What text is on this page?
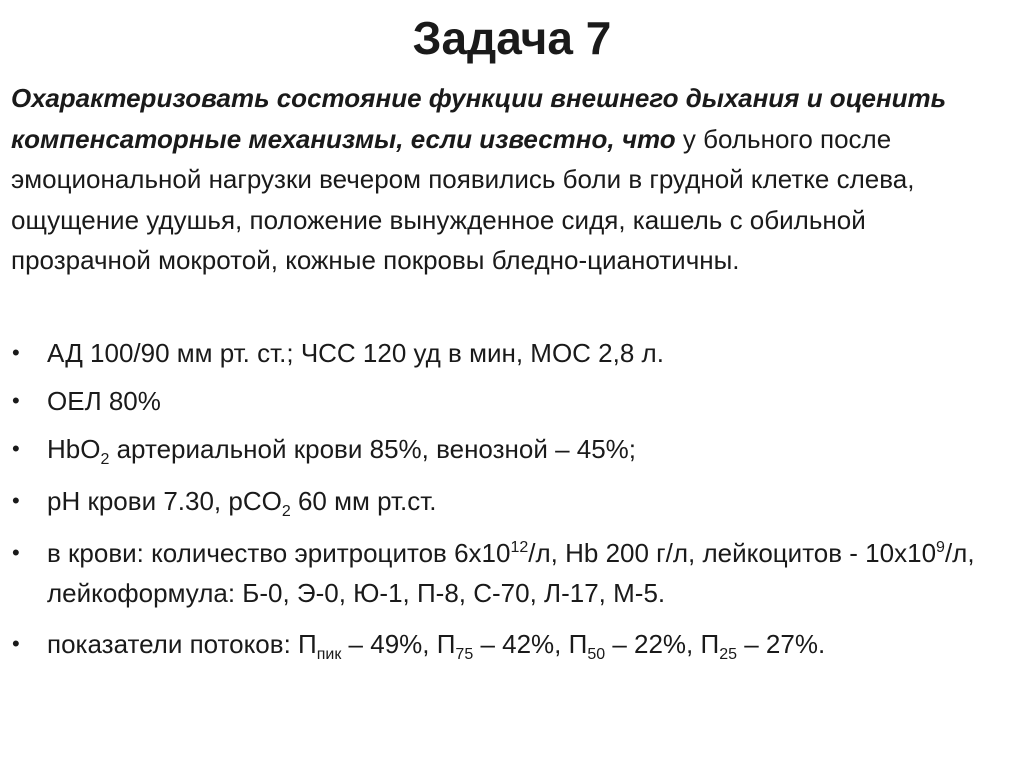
Задача 7
Охарактеризовать состояние функции внешнего дыхания и оценить компенсаторные механизмы, если известно, что у больного после эмоциональной нагрузки вечером появились боли в грудной клетке слева, ощущение удушья, положение вынужденное сидя, кашель с обильной прозрачной мокротой, кожные покровы бледно-цианотичны.
• АД 100/90 мм рт. ст.; ЧСС 120 уд в мин, МОС 2,8 л.
• ОЕЛ 80%
• HbO$_2$ артериальной крови 85%, венозной – 45%;
• pH крови 7.30, pCO$_2$ 60 мм рт.ст.
• в крови: количество эритроцитов $6х10^{12}/л$, Hb 200 г/л, лейкоцитов - $10х10^9/л$, лейкоформула: Б-0, Э-0, Ю-1, П-8, С-70, Л-17, М-5.
• показатели потоков: $П_{пик} - 49\%$, $П_{75} - 42\%$, $П_{50} - 22\%$, $П_{25} - 27\%$.
